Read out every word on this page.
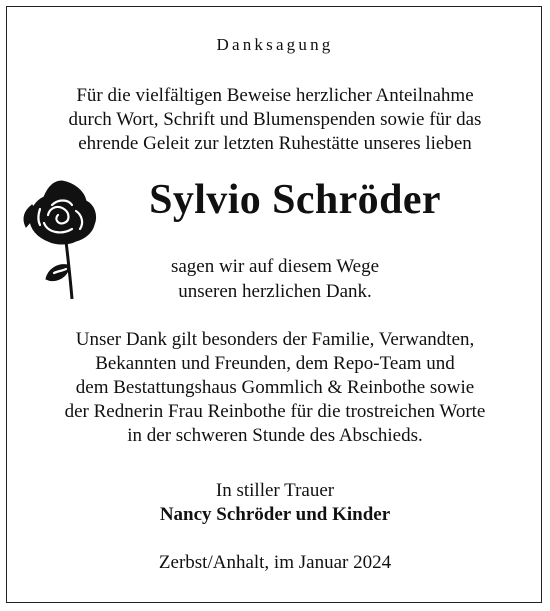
Danksagung
Für die vielfältigen Beweise herzlicher Anteilnahme
durch Wort, Schrift und Blumenspenden sowie für das
ehrende Geleit zur letzten Ruhestätte unseres lieben
Sylvio Schröder
sagen wir auf diesem Wege
unseren herzlichen Dank.
Unser Dank gilt besonders der Familie, Verwandten,
Bekannten und Freunden, dem Repo-Team und
dem Bestattungshaus Gommlich & Reinbothe sowie
der Rednerin Frau Reinbothe für die trostreichen Worte
in der schweren Stunde des Abschieds.
In stiller Trauer
Nancy Schröder und Kinder
Zerbst/Anhalt, im Januar 2024
